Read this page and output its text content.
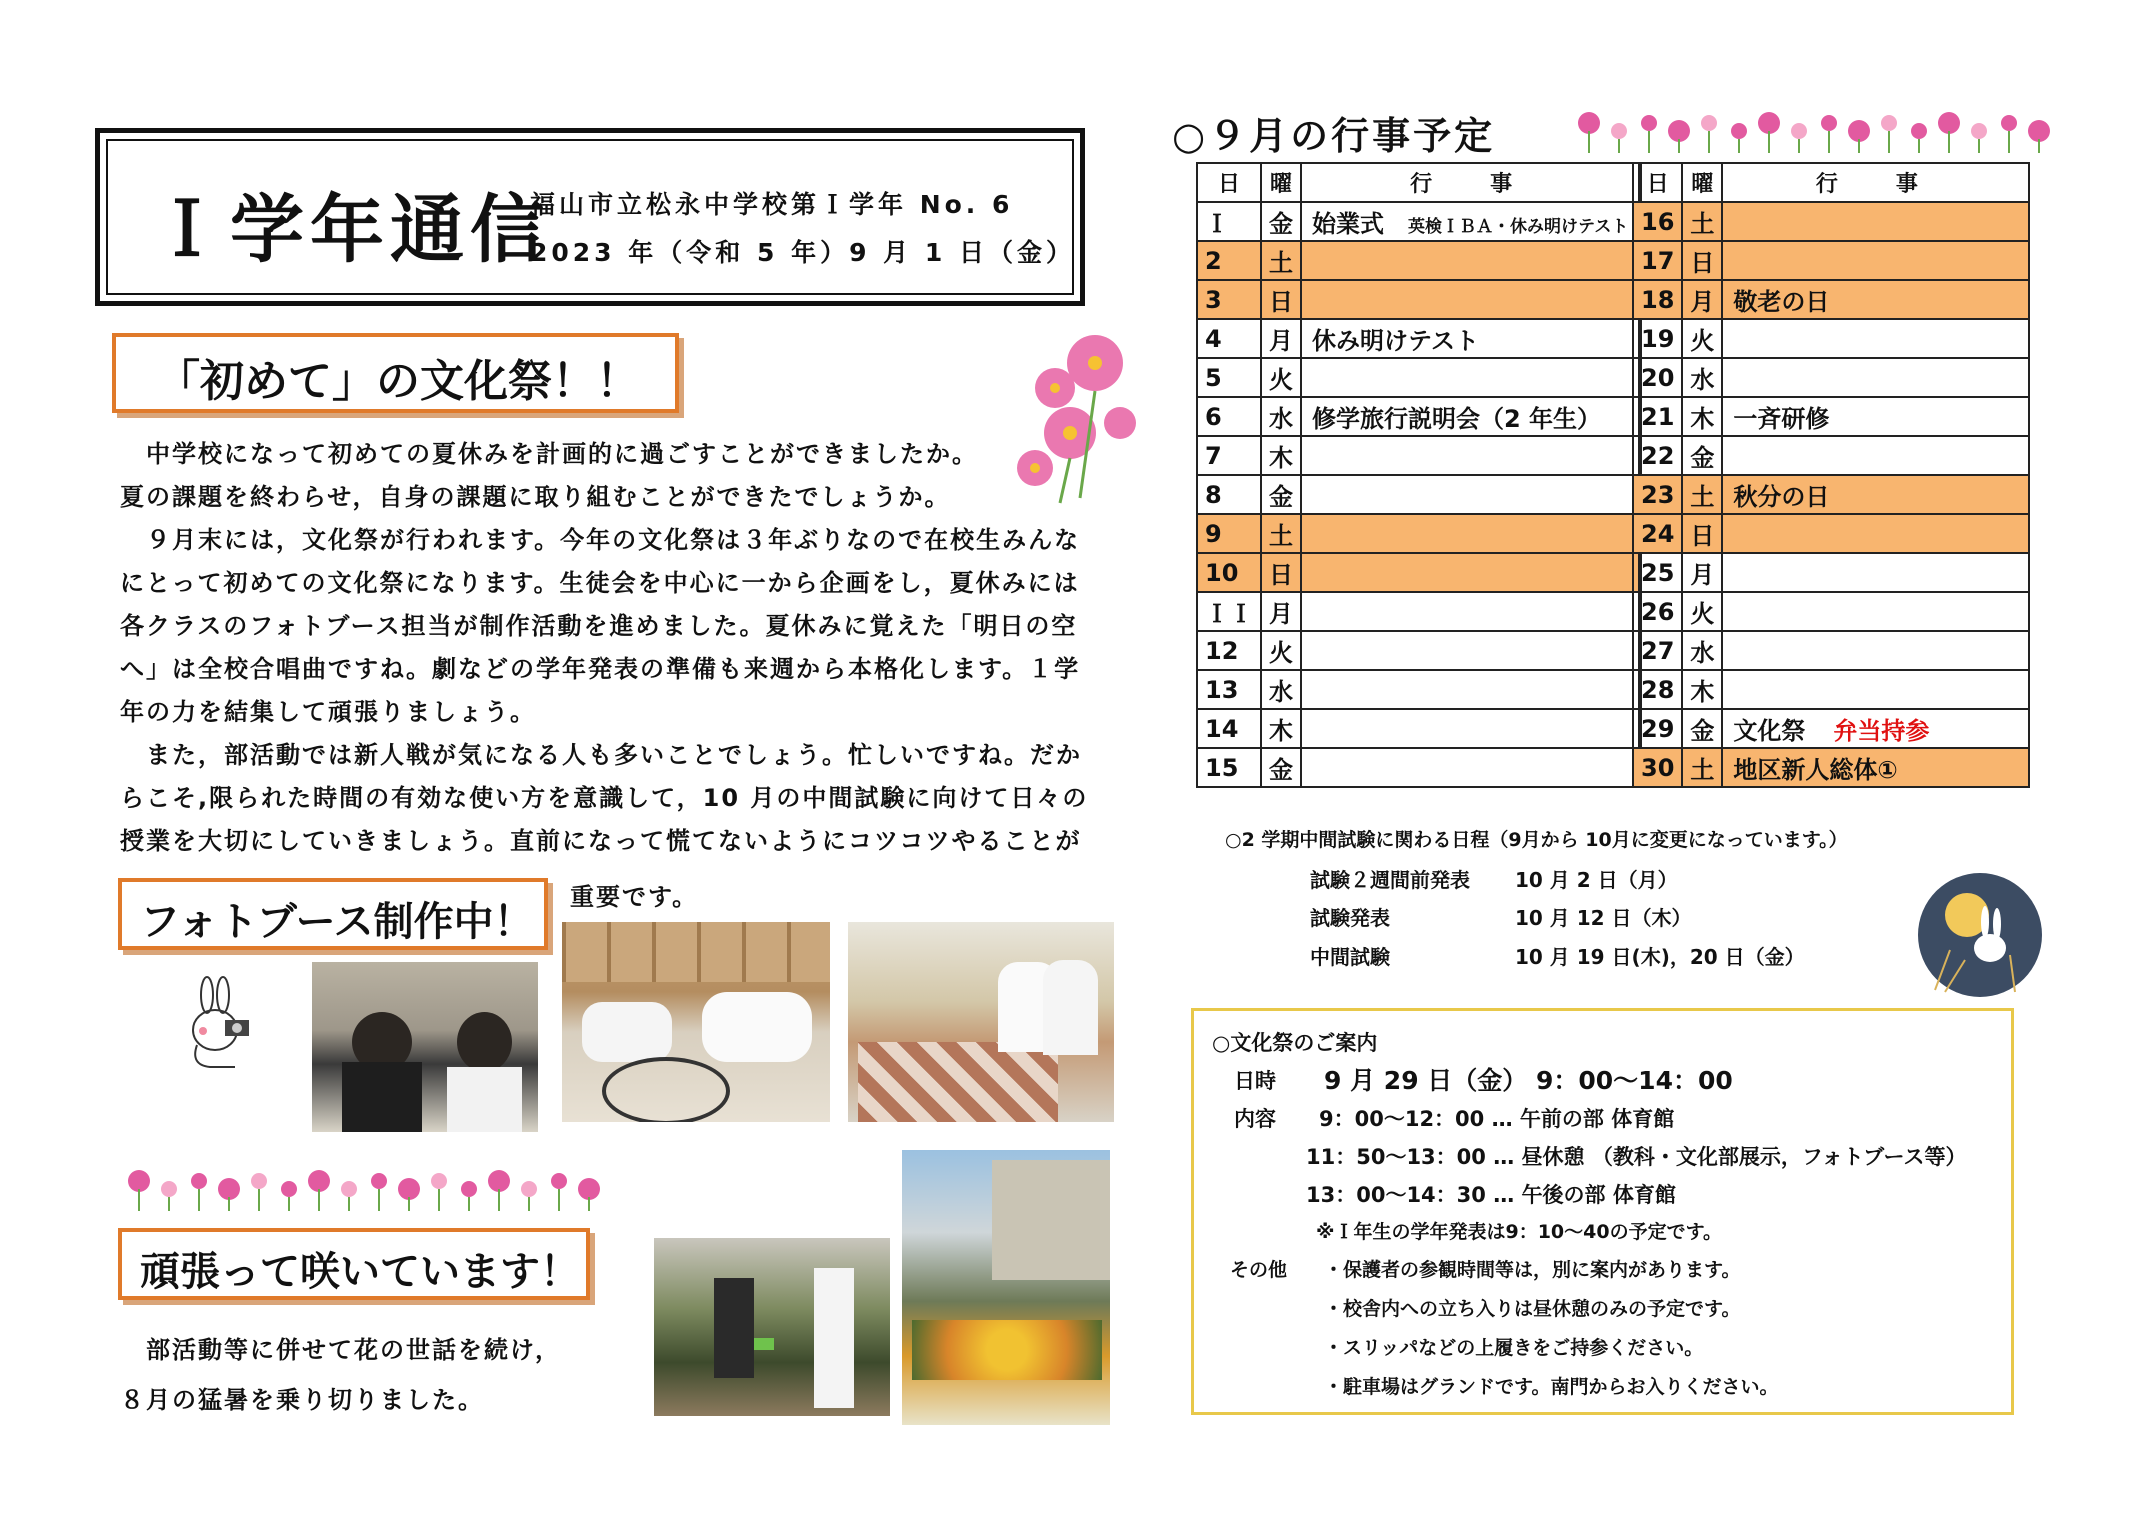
Ｉ学年通信
福山市立松永中学校第Ｉ学年 No. 6
2023 年（令和 5 年）9 月 1 日（金）
「初めて」の文化祭！！
　中学校になって初めての夏休みを計画的に過ごすことができましたか。
夏の課題を終わらせ，自身の課題に取り組むことができたでしょうか。
　９月末には，文化祭が行われます。今年の文化祭は３年ぶりなので在校生みんな
にとって初めての文化祭になります。生徒会を中心に一から企画をし，夏休みには
各クラスのフォトブース担当が制作活動を進めました。夏休みに覚えた「明日の空
へ」は全校合唱曲ですね。劇などの学年発表の準備も来週から本格化します。１学
年の力を結集して頑張りましょう。
　また，部活動では新人戦が気になる人も多いことでしょう。忙しいですね。だか
らこそ,限られた時間の有効な使い方を意識して，10 月の中間試験に向けて日々の
授業を大切にしていきましょう。直前になって慌てないようにコツコツやることが
重要です。
フォトブース制作中！
頑張って咲いています！
　部活動等に併せて花の世話を続け，
８月の猛暑を乗り切りました。
○９月の行事予定
日	曜	行　事
Ｉ	金	始業式 英検ＩＢＡ・休み明けテスト
2	土	
3	日	
4	月	休み明けテスト
5	火	
6	水	修学旅行説明会（2 年生）
7	木	
8	金	
9	土	
10	日	
ＩＩ	月	
12	火	
13	水	
14	木	
15	金	
日	曜	行　事
16	土	
17	日	
18	月	敬老の日
19	火	
20	水	
21	木	一斉研修
22	金	
23	土	秋分の日
24	日	
25	月	
26	火	
27	水	
28	木	
29	金	文化祭 弁当持参
30	土	地区新人総体①
○2 学期中間試験に関わる日程（9月から 10月に変更になっています。）
試験２週間前発表 10 月 2 日（月）
試験発表	10 月 12 日（木）
中間試験	10 月 19 日(木)，20 日（金）
○文化祭のご案内
日時 9 月 29 日（金） 9：00～14：00
内容 9：00～12：00 … 午前の部 体育館
11：50～13：00 … 昼休憩 （教科・文化部展示，フォトブース等）
13：00～14：30 … 午後の部 体育館
※Ｉ年生の学年発表は9：10～40の予定です。
その他 ・保護者の参観時間等は，別に案内があります。
・校舎内への立ち入りは昼休憩のみの予定です。
・スリッパなどの上履きをご持参ください。
・駐車場はグランドです。南門からお入りください。
